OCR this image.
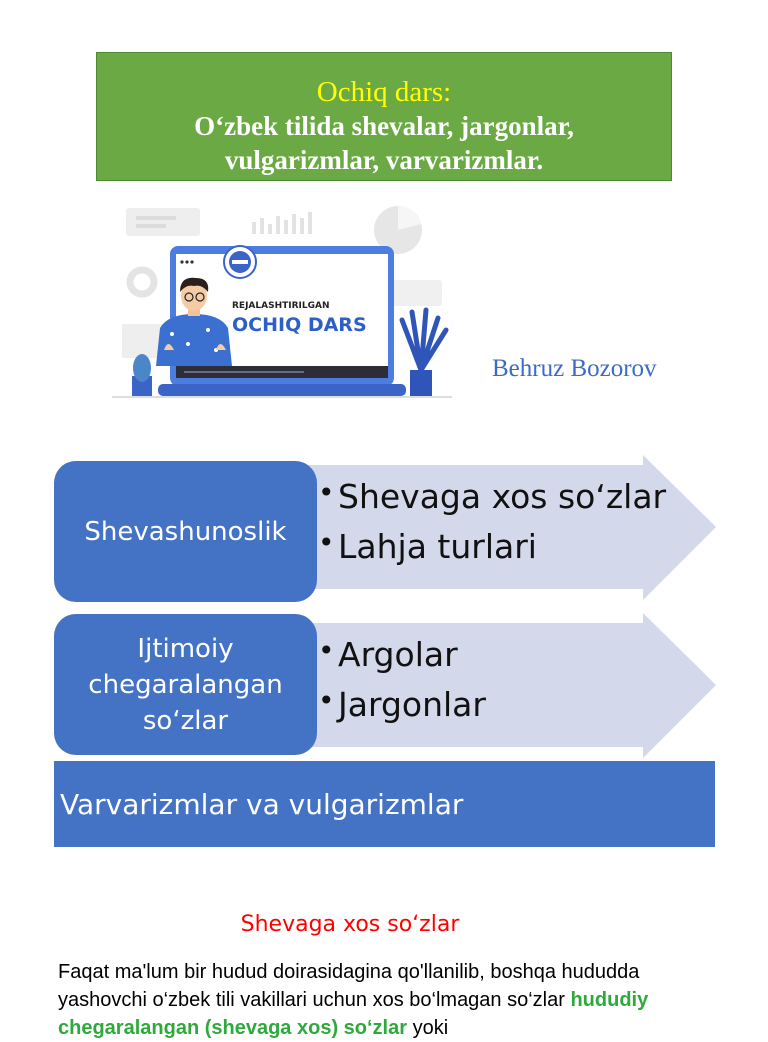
Ochiq dars:
O‘zbek tilida shevalar, jargonlar,
vulgarizmlar, varvarizmlar.
REJALASHTIRILGAN
OCHIQ DARS
Behruz Bozorov
Shevashunoslik
• Shevaga xos so‘zlar
• Lahja turlari
Ijtimoiy
chegaralangan
so‘zlar
• Argolar
• Jargonlar
Varvarizmlar va vulgarizmlar
Shevaga xos so‘zlar
Faqat ma'lum bir hudud doirasidagina qo'llanilib, boshqa hududda yashovchi o‘zbek tili vakillari uchun xos bo‘lmagan so‘zlar hududiy chegaralangan (shevaga xos) so‘zlar yoki
